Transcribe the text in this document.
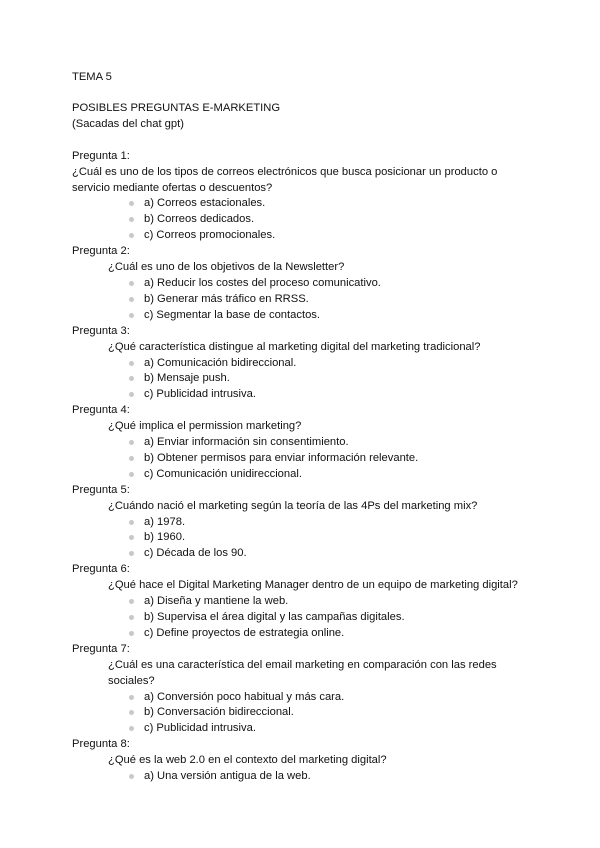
TEMA 5
POSIBLES PREGUNTAS E-MARKETING
(Sacadas del chat gpt)
Pregunta 1:
¿Cuál es uno de los tipos de correos electrónicos que busca posicionar un producto o servicio mediante ofertas o descuentos?
a) Correos estacionales.
b) Correos dedicados.
c) Correos promocionales.
Pregunta 2:
¿Cuál es uno de los objetivos de la Newsletter?
a) Reducir los costes del proceso comunicativo.
b) Generar más tráfico en RRSS.
c) Segmentar la base de contactos.
Pregunta 3:
¿Qué característica distingue al marketing digital del marketing tradicional?
a) Comunicación bidireccional.
b) Mensaje push.
c) Publicidad intrusiva.
Pregunta 4:
¿Qué implica el permission marketing?
a) Enviar información sin consentimiento.
b) Obtener permisos para enviar información relevante.
c) Comunicación unidireccional.
Pregunta 5:
¿Cuándo nació el marketing según la teoría de las 4Ps del marketing mix?
a) 1978.
b) 1960.
c) Década de los 90.
Pregunta 6:
¿Qué hace el Digital Marketing Manager dentro de un equipo de marketing digital?
a) Diseña y mantiene la web.
b) Supervisa el área digital y las campañas digitales.
c) Define proyectos de estrategia online.
Pregunta 7:
¿Cuál es una característica del email marketing en comparación con las redes sociales?
a) Conversión poco habitual y más cara.
b) Conversación bidireccional.
c) Publicidad intrusiva.
Pregunta 8:
¿Qué es la web 2.0 en el contexto del marketing digital?
a) Una versión antigua de la web.
